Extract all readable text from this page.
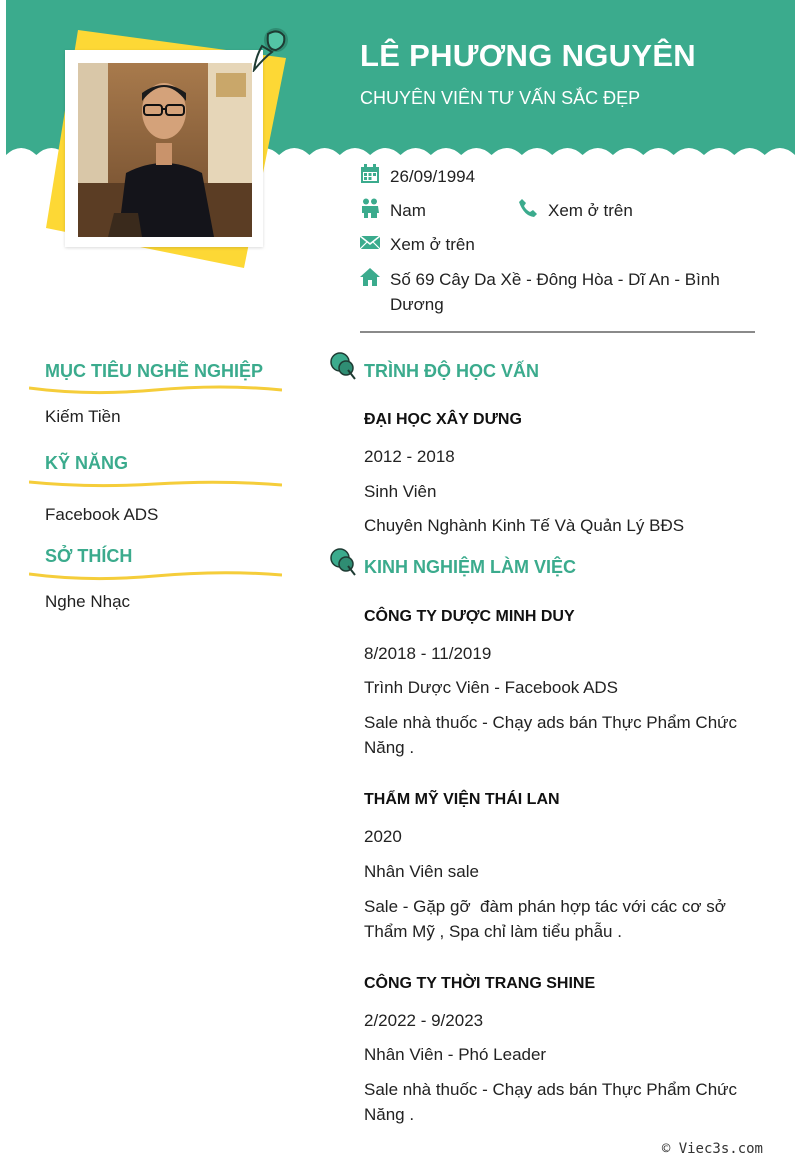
LÊ PHƯƠNG NGUYÊN
CHUYÊN VIÊN TƯ VẤN SẮC ĐẸP
26/09/1994
Nam	Xem ở trên
Xem ở trên
Số 69 Cây Da Xề - Đông Hòa - Dĩ An - Bình Dương
MỤC TIÊU NGHỀ NGHIỆP
Kiếm Tiền
KỸ NĂNG
Facebook ADS
SỞ THÍCH
Nghe Nhạc
TRÌNH ĐỘ HỌC VẤN
ĐẠI HỌC XÂY DƯNG
2012 - 2018
Sinh Viên
Chuyên Nghành Kinh Tế Và Quản Lý BĐS
KINH NGHIỆM LÀM VIỆC
CÔNG TY DƯỢC MINH DUY
8/2018 - 11/2019
Trình Dược Viên - Facebook ADS
Sale nhà thuốc - Chạy ads bán Thực Phẩm Chức Năng .
THẨM MỸ VIỆN THÁI LAN
2020
Nhân Viên sale
Sale - Gặp gỡ  đàm phán hợp tác với các cơ sở Thẩm Mỹ , Spa chỉ làm tiểu phẫu .
CÔNG TY THỜI TRANG SHINE
2/2022 - 9/2023
Nhân Viên - Phó Leader
Sale nhà thuốc - Chạy ads bán Thực Phẩm Chức Năng .
© Viec3s.com
